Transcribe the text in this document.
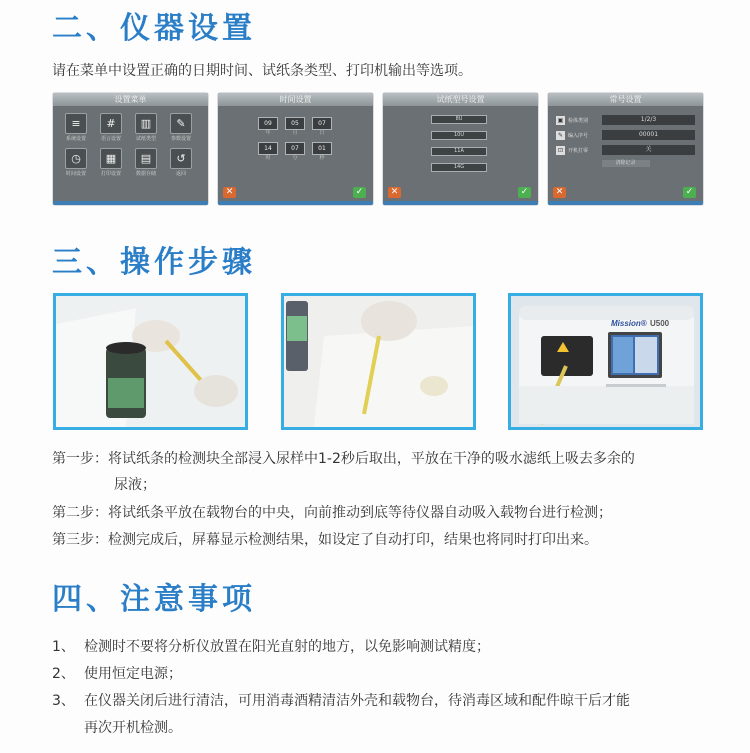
二、仪器设置
请在菜单中设置正确的日期时间、试纸条类型、打印机输出等选项。
设置菜单
≡
系统设置
#
语言设置
▥
试纸类型
✎
参数设置
◷
时间设置
▦
打印设置
▤
数据存储
↺
返回
时间设置
09
年
05
月
07
日
14
时
07
分
01
秒
✕	✓
试纸型号设置
8U
10U
11A
14G
✕	✓
常号设置
▣ 检体类别	1/2/3
✎ 编入序号	00001
⊡ 开机打零	关
清除记录
✕	✓
三、操作步骤
Mission® U500
第一步：将试纸条的检测块全部浸入尿样中1-2秒后取出，平放在干净的吸水滤纸上吸去多余的
尿液；
第二步：将试纸条平放在载物台的中央，向前推动到底等待仪器自动吸入载物台进行检测；
第三步：检测完成后，屏幕显示检测结果，如设定了自动打印，结果也将同时打印出来。
四、注意事项
1、 检测时不要将分析仪放置在阳光直射的地方，以免影响测试精度；
2、 使用恒定电源；
3、 在仪器关闭后进行清洁，可用消毒酒精清洁外壳和载物台，待消毒区域和配件晾干后才能
再次开机检测。
